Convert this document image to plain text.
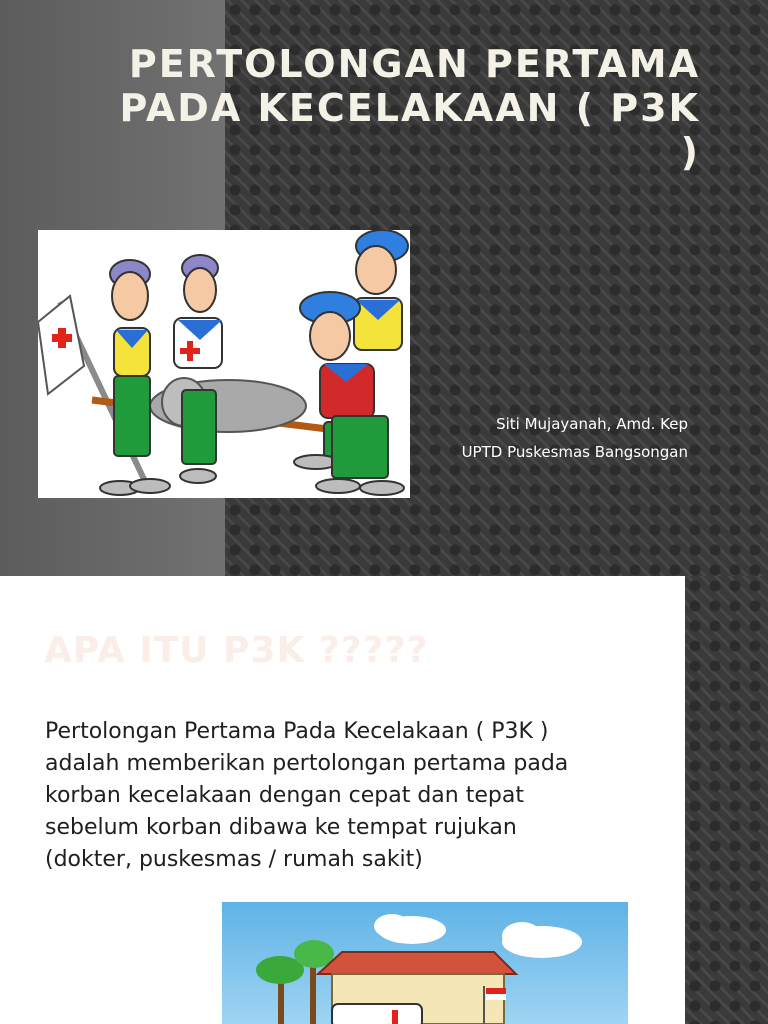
PERTOLONGAN PERTAMA
PADA KECELAKAAN ( P3K
)
Siti Mujayanah, Amd. Kep
UPTD Puskesmas Bangsongan
APA ITU P3K ?????
Pertolongan Pertama Pada Kecelakaan ( P3K )
adalah memberikan pertolongan pertama pada
korban kecelakaan dengan cepat dan tepat
sebelum korban dibawa ke tempat rujukan
(dokter, puskesmas / rumah sakit)
